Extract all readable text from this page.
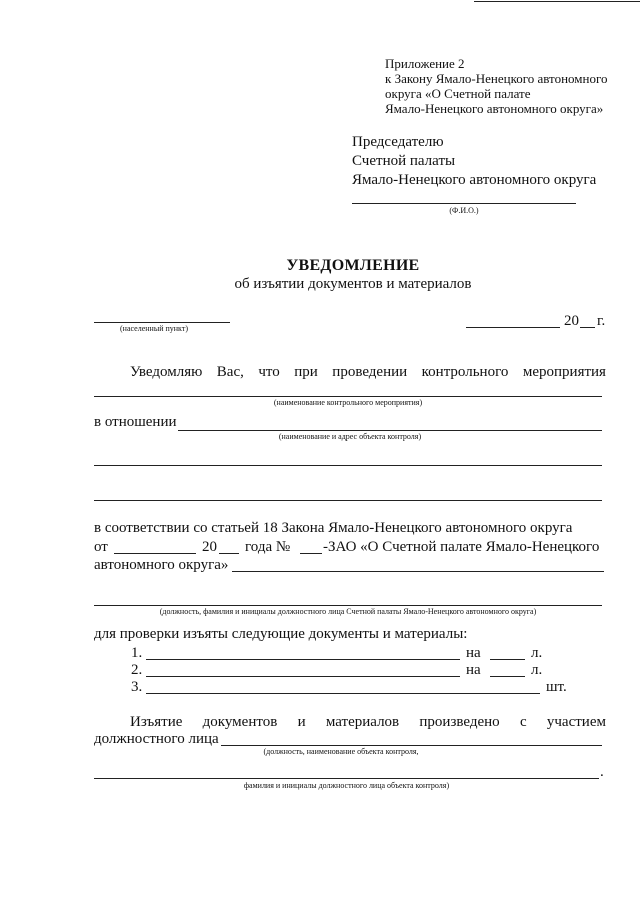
Приложение 2
к Закону Ямало-Ненецкого автономного
округа «О Счетной палате
Ямало-Ненецкого автономного округа»
Председателю
Счетной палаты
Ямало-Ненецкого автономного округа
(Ф.И.О.)
УВЕДОМЛЕНИЕ
об изъятии документов и материалов
(населенный пункт)	20 г.
Уведомляю Вас, что при проведении контрольного мероприятия
(наименование контрольного мероприятия)
в отношении
(наименование и адрес объекта контроля)
в соответствии со статьей 18 Закона Ямало-Ненецкого автономного округа
от	20 года № -ЗАО «О Счетной палате Ямало-Ненецкого
автономного округа»
(должность, фамилия и инициалы должностного лица Счетной палаты Ямало-Ненецкого автономного округа)
для проверки изъяты следующие документы и материалы:
1.	на	л.
2.	на	л.
3.	шт.
Изъятие документов и материалов произведено с участием
должностного лица
(должность, наименование объекта контроля,
.
фамилия и инициалы должностного лица объекта контроля)
